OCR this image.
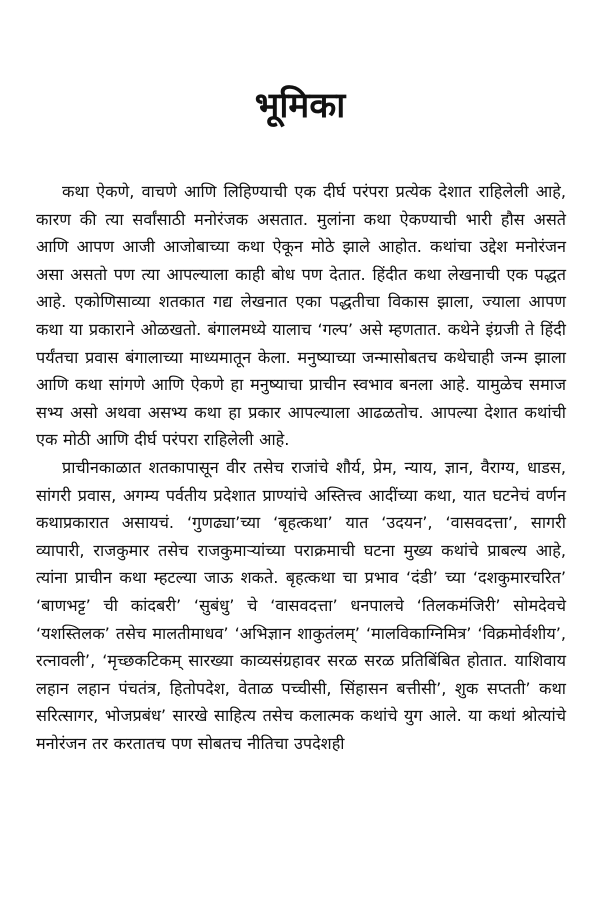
भूमिका

कथा ऐकणे, वाचणे आणि लिहिण्याची एक दीर्घ परंपरा प्रत्येक देशात राहिलेली आहे, कारण की त्या सर्वांसाठी मनोरंजक असतात. मुलांना कथा ऐकण्याची भारी हौस असते आणि आपण आजी आजोबाच्या कथा ऐकून मोठे झाले आहोत. कथांचा उद्देश मनोरंजन असा असतो पण त्या आपल्याला काही बोध पण देतात. हिंदीत कथा लेखनाची एक पद्धत आहे. एकोणिसाव्या शतकात गद्य लेखनात एका पद्धतीचा विकास झाला, ज्याला आपण कथा या प्रकाराने ओळखतो. बंगालमध्ये यालाच ‘गल्प’ असे म्हणतात. कथेने इंग्रजी ते हिंदी पर्यंतचा प्रवास बंगालाच्या माध्यमातून केला. मनुष्याच्या जन्मासोबतच कथेचाही जन्म झाला आणि कथा सांगणे आणि ऐकणे हा मनुष्याचा प्राचीन स्वभाव बनला आहे. यामुळेच समाज सभ्य असो अथवा असभ्य कथा हा प्रकार आपल्याला आढळतोच. आपल्या देशात कथांची एक मोठी आणि दीर्घ परंपरा राहिलेली आहे.

प्राचीनकाळात शतकापासून वीर तसेच राजांचे शौर्य, प्रेम, न्याय, ज्ञान, वैराग्य, धाडस, सांगरी प्रवास, अगम्य पर्वतीय प्रदेशात प्राण्यांचे अस्तित्त्व आदींच्या कथा, यात घटनेचं वर्णन कथाप्रकारात असायचं. ‘गुणढ्या’च्या ‘बृहत्कथा’ यात ‘उदयन’, ‘वासवदत्ता’, सागरी व्यापारी, राजकुमार तसेच राजकुमाऱ्यांच्या पराक्रमाची घटना मुख्य कथांचे प्राबल्य आहे, त्यांना प्राचीन कथा म्हटल्या जाऊ शकते. बृहत्कथा चा प्रभाव ‘दंडी’ च्या ‘दशकुमारचरित’ ‘बाणभट्ट’ ची कांदबरी’ ‘सुबंधु’ चे ‘वासवदत्ता’ धनपालचे ‘तिलकमंजिरी’ सोमदेवचे ‘यशस्तिलक’ तसेच मालतीमाधव’ ‘अभिज्ञान शाकुतंलम्’ ‘मालविकाग्निमित्र’ ‘विक्रमोर्वशीय’, रत्नावली’, ‘मृच्छकटिकम् सारख्या काव्यसंग्रहावर सरळ सरळ प्रतिबिंबित होतात. याशिवाय लहान लहान पंचतंत्र, हितोपदेश, वेताळ पच्चीसी, सिंहासन बत्तीसी’, शुक सप्तती’ कथा सरित्सागर, भोजप्रबंध’ सारखे साहित्य तसेच कलात्मक कथांचे युग आले. या कथां श्रोत्यांचे मनोरंजन तर करतातच पण सोबतच नीतिचा उपदेशही
